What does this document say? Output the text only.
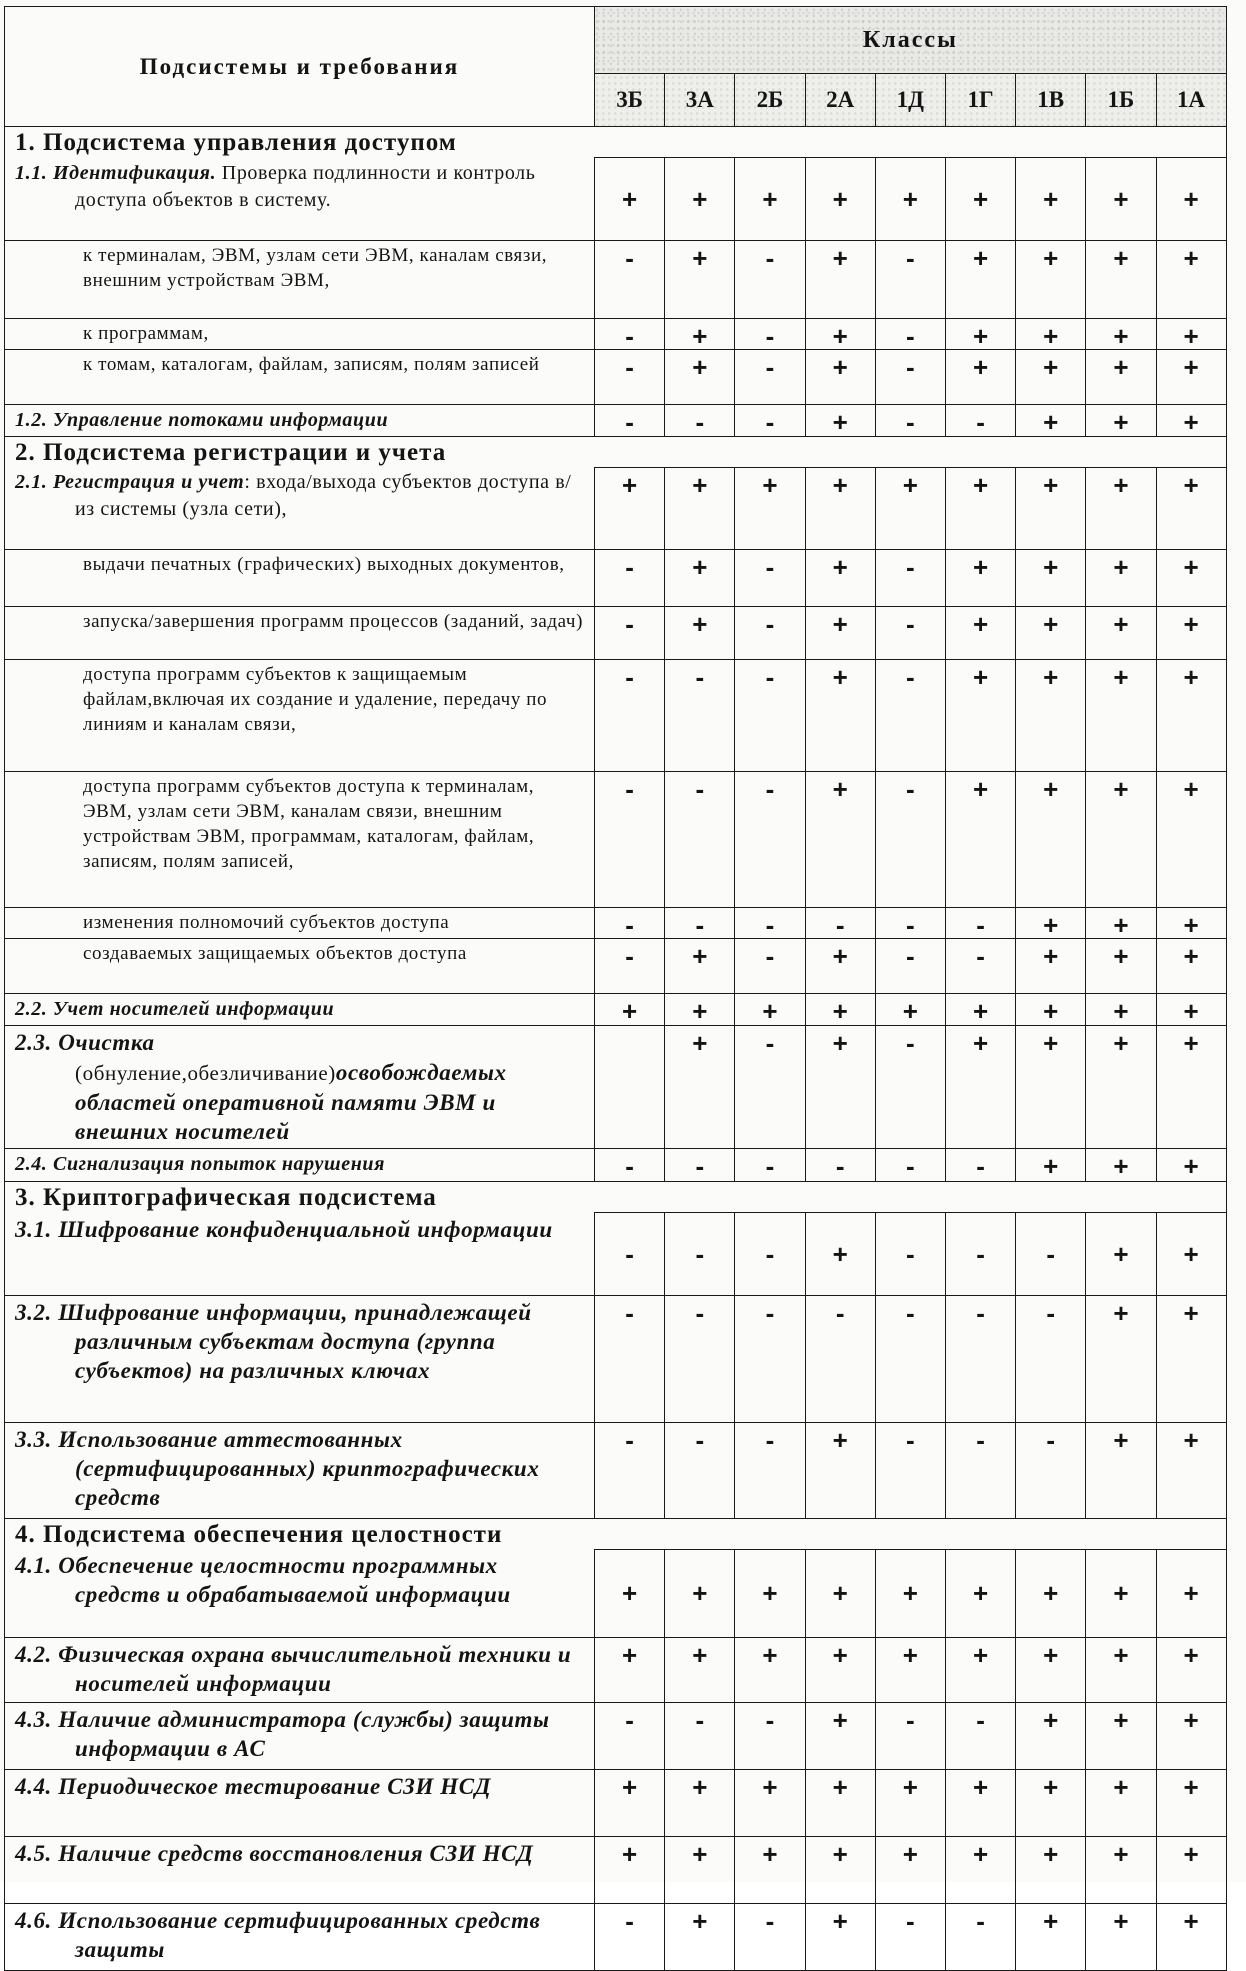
Подсистемы и требования	Классы								
	3Б	3А	2Б	2А	1Д	1Г	1В	1Б	1А
1. Подсистема управления доступом									

1.1. Идентификация. Проверка подлинности и контроль доступа объектов в систему.	+	+	+	+	+	+	+	+	+
к терминалам, ЭВМ, узлам сети ЭВМ, каналам связи, внешним устройствам ЭВМ,	-	+	-	+	-	+	+	+	+
к программам,	-	+	-	+	-	+	+	+	+
к томам, каталогам, файлам, записям, полям записей	-	+	-	+	-	+	+	+	+

1.2. Управление потоками информации	-	-	-	+	-	-	+	+	+
2. Подсистема регистрации и учета									

2.1. Регистрация и учет: входа/выхода субъектов доступа в/из системы (узла сети),	+	+	+	+	+	+	+	+	+
выдачи печатных (графических) выходных документов,	-	+	-	+	-	+	+	+	+
запуска/завершения программ процессов (заданий, задач)	-	+	-	+	-	+	+	+	+
доступа программ субъектов к защищаемым файлам,включая их создание и удаление, передачу по линиям и каналам связи,	-	-	-	+	-	+	+	+	+
доступа программ субъектов доступа к терминалам, ЭВМ, узлам сети ЭВМ, каналам связи, внешним устройствам ЭВМ, программам, каталогам, файлам, записям, полям записей,	-	-	-	+	-	+	+	+	+
изменения полномочий субъектов доступа	-	-	-	-	-	-	+	+	+
создаваемых защищаемых объектов доступа	-	+	-	+	-	-	+	+	+

2.2. Учет носителей информации	+	+	+	+	+	+	+	+	+

2.3. Очистка (обнуление,обезличивание)освобождаемых областей оперативной памяти ЭВМ и внешних носителей		+	-	+	-	+	+	+	+

2.4. Сигнализация попыток нарушения	-	-	-	-	-	-	+	+	+
3. Криптографическая подсистема									

3.1. Шифрование конфиденциальной информации	-	-	-	+	-	-	-	+	+

3.2. Шифрование информации, принадлежащей различным субъектам доступа (группа субъектов) на различных ключах	-	-	-	-	-	-	-	+	+

3.3. Использование аттестованных (сертифицированных) криптографических средств	-	-	-	+	-	-	-	+	+
4. Подсистема обеспечения целостности									

4.1. Обеспечение целостности программных средств и обрабатываемой информации	+	+	+	+	+	+	+	+	+

4.2. Физическая охрана вычислительной техники и носителей информации	+	+	+	+	+	+	+	+	+

4.3. Наличие администратора (службы) защиты информации в АС	-	-	-	+	-	-	+	+	+

4.4. Периодическое тестирование СЗИ НСД	+	+	+	+	+	+	+	+	+

4.5. Наличие средств восстановления СЗИ НСД	+	+	+	+	+	+	+	+	+

4.6. Использование сертифицированных средств защиты	-	+	-	+	-	-	+	+	+
